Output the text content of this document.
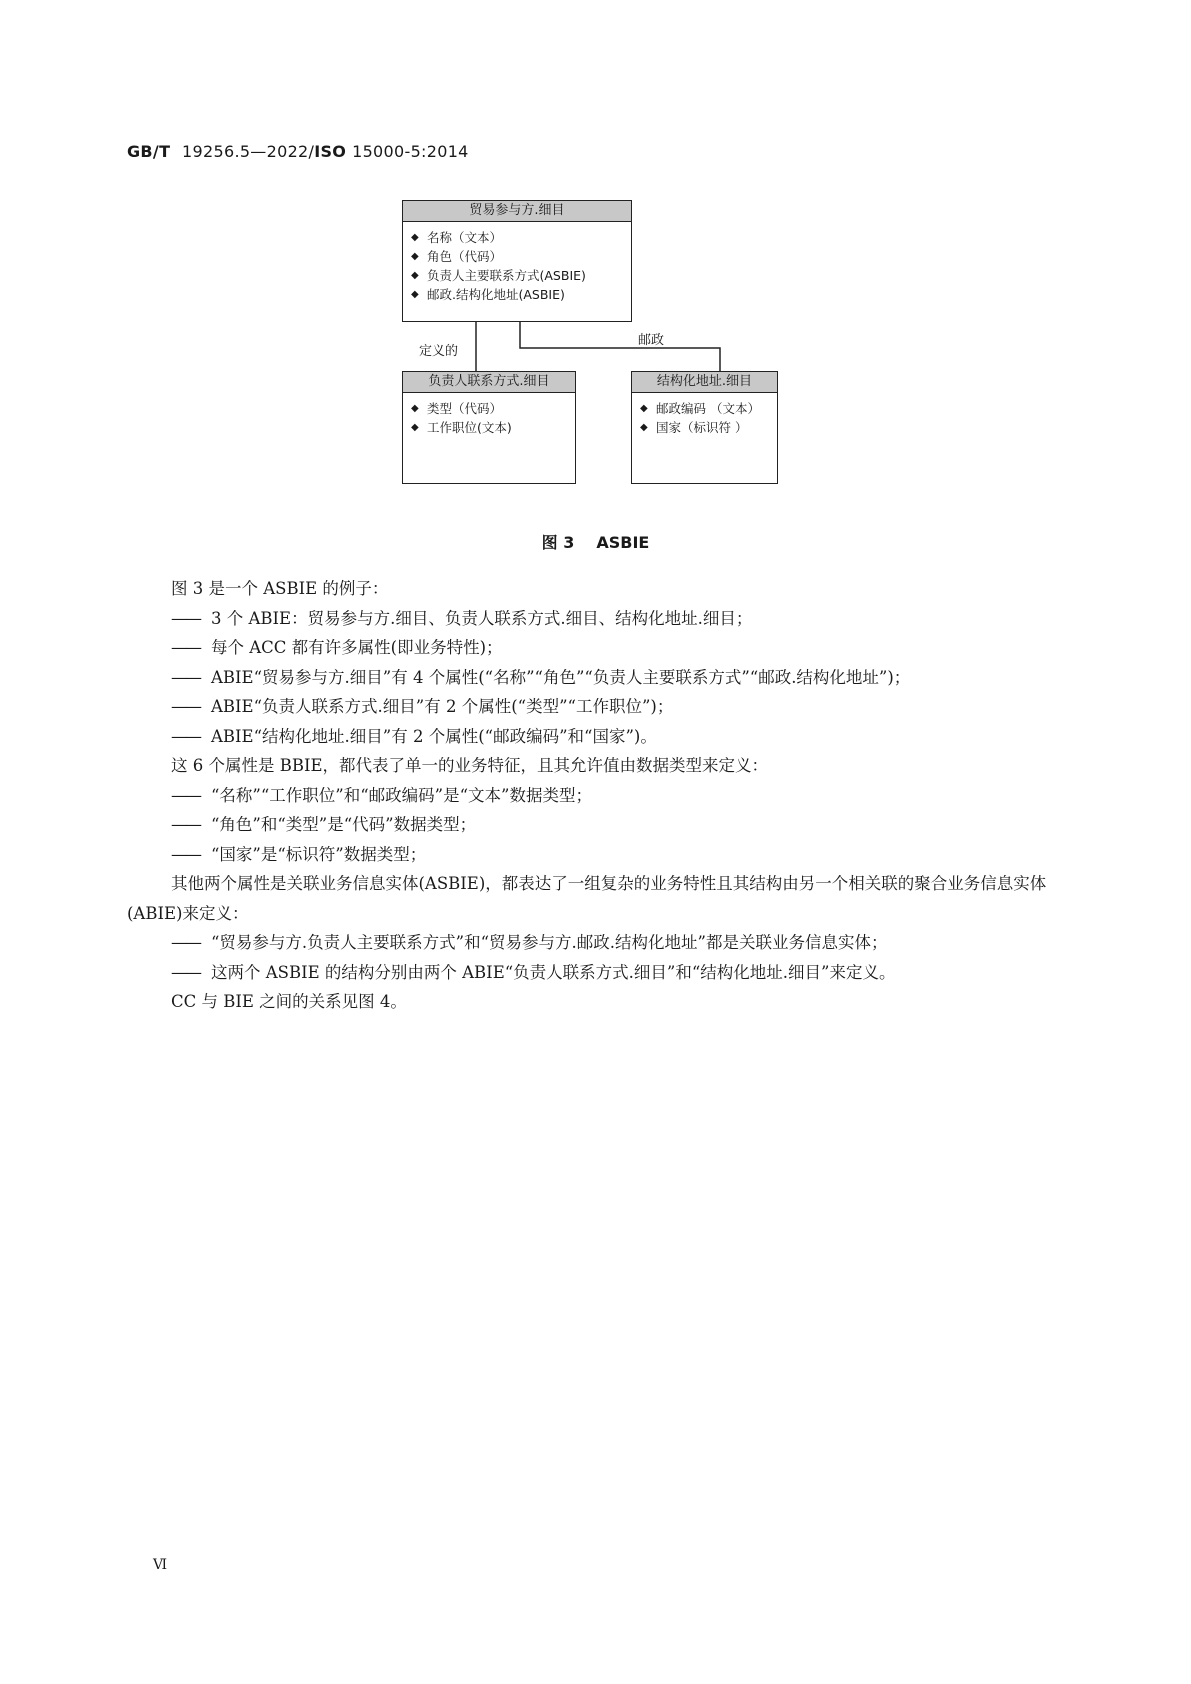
GB/T 19256.5—2022/ISO 15000-5:2014
贸易参与方.细目
◆ 名称（文本）
◆ 角色（代码）
◆ 负责人主要联系方式(ASBIE)
◆ 邮政.结构化地址(ASBIE)
定义的
邮政
负责人联系方式.细目
◆ 类型（代码）
◆ 工作职位(文本)
结构化地址.细目
◆ 邮政编码 （文本）
◆ 国家（标识符 ）
图 3 ASBIE

图 3 是一个 ASBIE 的例子：

—— 3 个 ABIE：贸易参与方.细目、负责人联系方式.细目、结构化地址.细目；

—— 每个 ACC 都有许多属性(即业务特性)；

—— ABIE“贸易参与方.细目”有 4 个属性(“名称”“角色”“负责人主要联系方式”“邮政.结构化地址”)；

—— ABIE“负责人联系方式.细目”有 2 个属性(“类型”“工作职位”)；

—— ABIE“结构化地址.细目”有 2 个属性(“邮政编码”和“国家”)。

这 6 个属性是 BBIE，都代表了单一的业务特征，且其允许值由数据类型来定义：

—— “名称”“工作职位”和“邮政编码”是“文本”数据类型；

—— “角色”和“类型”是“代码”数据类型；

—— “国家”是“标识符”数据类型；

其他两个属性是关联业务信息实体(ASBIE)，都表达了一组复杂的业务特性且其结构由另一个相关联的聚合业务信息实体(ABIE)来定义：

—— “贸易参与方.负责人主要联系方式”和“贸易参与方.邮政.结构化地址”都是关联业务信息实体；

—— 这两个 ASBIE 的结构分别由两个 ABIE“负责人联系方式.细目”和“结构化地址.细目”来定义。

CC 与 BIE 之间的关系见图 4。

Ⅵ
